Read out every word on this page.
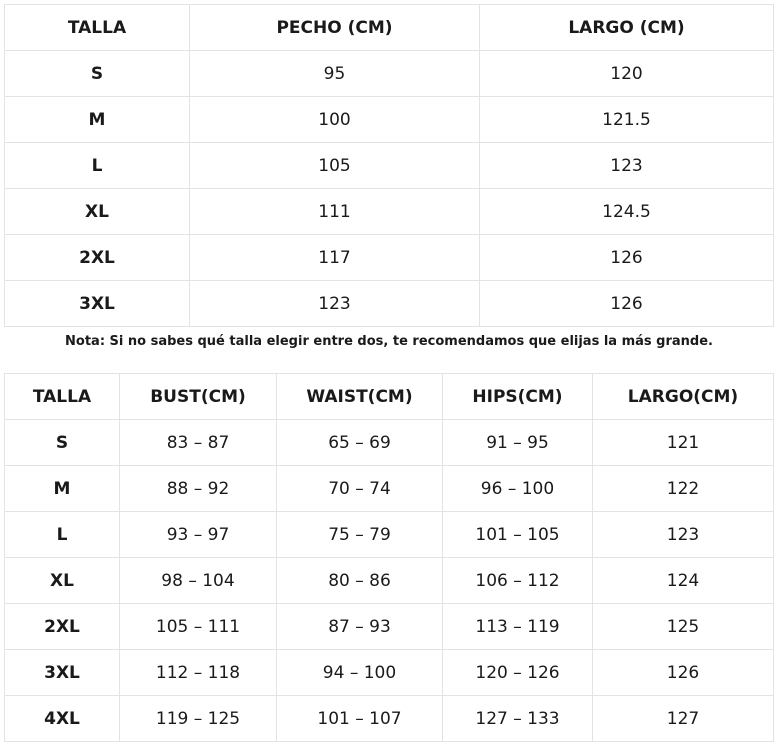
TALLA	PECHO (CM)	LARGO (CM)
S	95	120
M	100	121.5
L	105	123
XL	111	124.5
2XL	117	126
3XL	123	126
Nota: Si no sabes qué talla elegir entre dos, te recomendamos que elijas la más grande.
TALLA	BUST(CM)	WAIST(CM)	HIPS(CM)	LARGO(CM)
S	83 – 87	65 – 69	91 – 95	121
M	88 – 92	70 – 74	96 – 100	122
L	93 – 97	75 – 79	101 – 105	123
XL	98 – 104	80 – 86	106 – 112	124
2XL	105 – 111	87 – 93	113 – 119	125
3XL	112 – 118	94 – 100	120 – 126	126
4XL	119 – 125	101 – 107	127 – 133	127
